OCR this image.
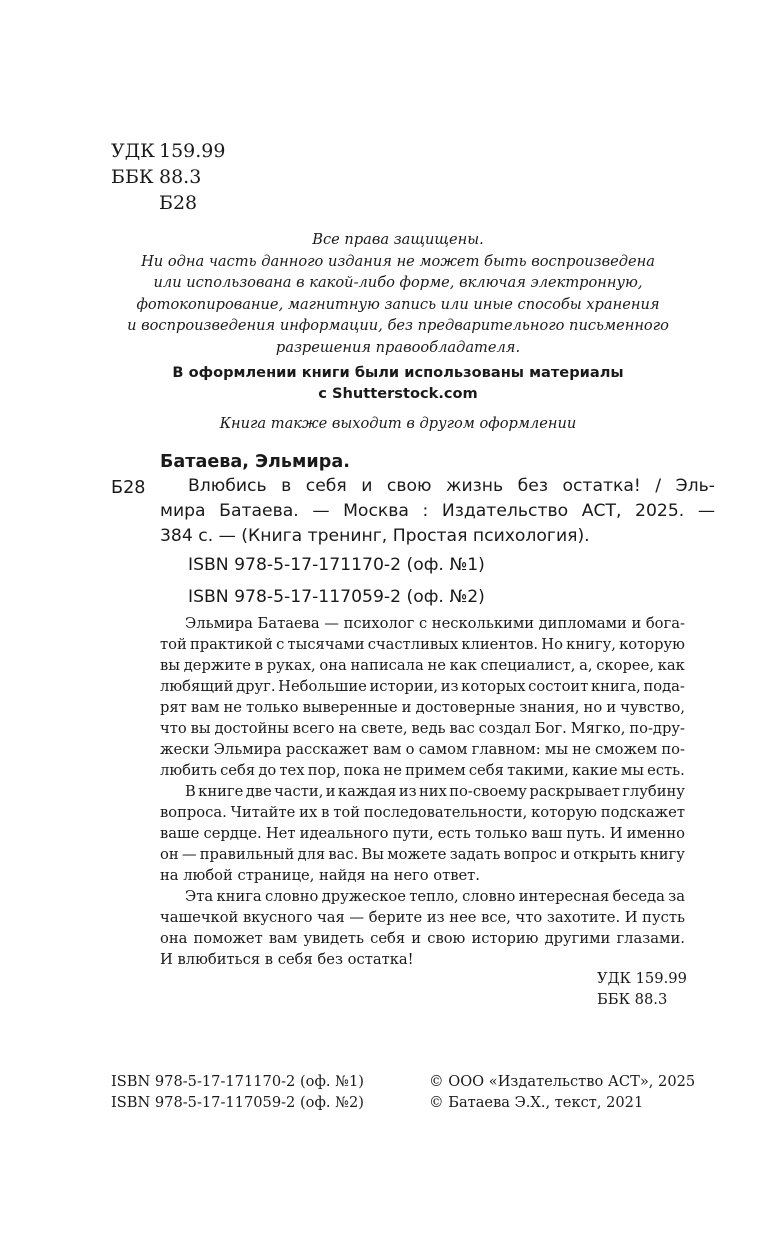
УДК 159.99
ББК 88.3
Б28
Все права защищены.
Ни одна часть данного издания не может быть воспроизведена
или использована в какой-либо форме, включая электронную,
фотокопирование, магнитную запись или иные способы хранения
и воспроизведения информации, без предварительного письменного
разрешения правообладателя.
В оформлении книги были использованы материалы
с Shutterstock.com
Книга также выходит в другом оформлении
Батаева, Эльмира.
Б28 Влюбись в себя и свою жизнь без остатка! / Эль-
мира Батаева. — Москва : Издательство АСТ, 2025. —
384 с. — (Книга тренинг, Простая психология).
ISBN 978-5-17-171170-2 (оф. №1)
ISBN 978-5-17-117059-2 (оф. №2)
Эльмира Батаева — психолог с несколькими дипломами и бога-
той практикой с тысячами счастливых клиентов. Но книгу, которую
вы держите в руках, она написала не как специалист, а, скорее, как
любящий друг. Небольшие истории, из которых состоит книга, пода-
рят вам не только выверенные и достоверные знания, но и чувство,
что вы достойны всего на свете, ведь вас создал Бог. Мягко, по-дру-
жески Эльмира расскажет вам о самом главном: мы не сможем по-
любить себя до тех пор, пока не примем себя такими, какие мы есть.
В книге две части, и каждая из них по-своему раскрывает глубину
вопроса. Читайте их в той последовательности, которую подскажет
ваше сердце. Нет идеального пути, есть только ваш путь. И именно
он — правильный для вас. Вы можете задать вопрос и открыть книгу
на любой странице, найдя на него ответ.
Эта книга словно дружеское тепло, словно интересная беседа за
чашечкой вкусного чая — берите из нее все, что захотите. И пусть
она поможет вам увидеть себя и свою историю другими глазами.
И влюбиться в себя без остатка!
УДК 159.99
ББК 88.3
ISBN 978-5-17-171170-2 (оф. №1)
ISBN 978-5-17-117059-2 (оф. №2)
© ООО «Издательство АСТ», 2025
© Батаева Э.Х., текст, 2021
